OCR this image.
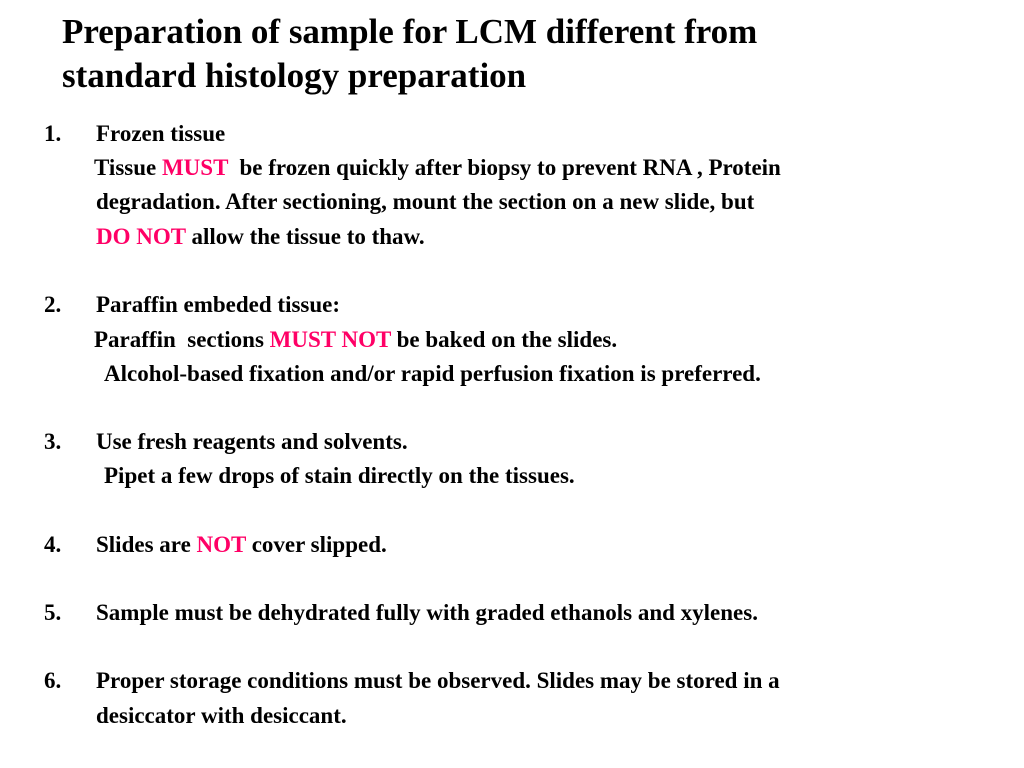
Preparation of sample for LCM different from
standard histology preparation
1. Frozen tissue
Tissue MUST  be frozen quickly after biopsy to prevent RNA , Protein
degradation. After sectioning, mount the section on a new slide, but
DO NOT allow the tissue to thaw.
2. Paraffin embeded tissue:
Paraffin  sections MUST NOT be baked on the slides.
Alcohol-based fixation and/or rapid perfusion fixation is preferred.
3. Use fresh reagents and solvents.
Pipet a few drops of stain directly on the tissues.
4. Slides are NOT cover slipped.
5. Sample must be dehydrated fully with graded ethanols and xylenes.
6. Proper storage conditions must be observed. Slides may be stored in a
desiccator with desiccant.
